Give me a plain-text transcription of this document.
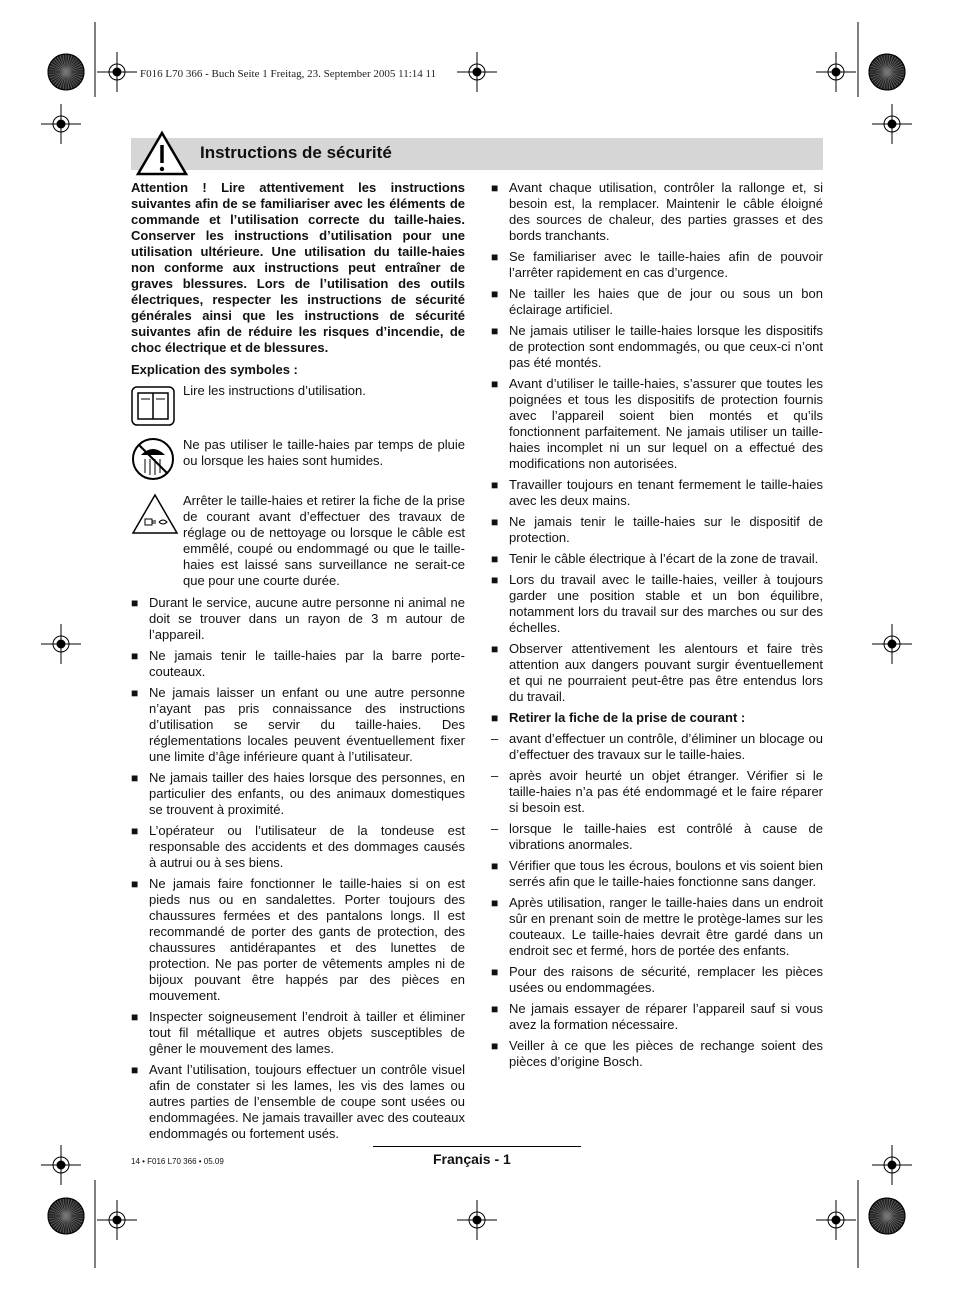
F016 L70 366 - Buch Seite 1 Freitag, 23. September 2005 11:14 11
Instructions de sécurité

Attention ! Lire attentivement les instructions suivantes afin de se familiariser avec les éléments de commande et l’utilisation correcte du taille-haies. Conserver les instructions d’utilisation pour une utilisation ultérieure. Une utilisation du taille-haies non conforme aux instructions peut entraîner de graves blessures. Lors de l’utilisation des outils électriques, respecter les instructions de sécurité générales ainsi que les instructions de sécurité suivantes afin de réduire les risques d’incendie, de choc électrique et de blessures.

Explication des symboles :

Lire les instructions d’utilisation.
Ne pas utiliser le taille-haies par temps de pluie ou lorsque les haies sont humides.
Arrêter le taille-haies et retirer la fiche de la prise de courant avant d’effectuer des travaux de réglage ou de nettoyage ou lorsque le câble est emmêlé, coupé ou endommagé ou que le taille-haies est laissé sans surveillance ne serait-ce que pour une courte durée.
■ Durant le service, aucune autre personne ni animal ne doit se trouver dans un rayon de 3 m autour de l’appareil.
■ Ne jamais tenir le taille-haies par la barre porte-couteaux.
■ Ne jamais laisser un enfant ou une autre personne n’ayant pas pris connaissance des instructions d’utilisation se servir du taille-haies. Des réglementations locales peuvent éventuellement fixer une limite d’âge inférieure quant à l’utilisateur.
■ Ne jamais tailler des haies lorsque des personnes, en particulier des enfants, ou des animaux domestiques se trouvent à proximité.
■ L’opérateur ou l’utilisateur de la tondeuse est responsable des accidents et des dommages causés à autrui ou à ses biens.
■ Ne jamais faire fonctionner le taille-haies si on est pieds nus ou en sandalettes. Porter toujours des chaussures fermées et des pantalons longs. Il est recommandé de porter des gants de protection, des chaussures antidérapantes et des lunettes de protection. Ne pas porter de vêtements amples ni de bijoux pouvant être happés par des pièces en mouvement.
■ Inspecter soigneusement l’endroit à tailler et éliminer tout fil métallique et autres objets susceptibles de gêner le mouvement des lames.
■ Avant l’utilisation, toujours effectuer un contrôle visuel afin de constater si les lames, les vis des lames ou autres parties de l’ensemble de coupe sont usées ou endommagées. Ne jamais travailler avec des couteaux endommagés ou fortement usés.
■ Avant chaque utilisation, contrôler la rallonge et, si besoin est, la remplacer. Maintenir le câble éloigné des sources de chaleur, des parties grasses et des bords tranchants.
■ Se familiariser avec le taille-haies afin de pouvoir l’arrêter rapidement en cas d’urgence.
■ Ne tailler les haies que de jour ou sous un bon éclairage artificiel.
■ Ne jamais utiliser le taille-haies lorsque les dispositifs de protection sont endommagés, ou que ceux-ci n’ont pas été montés.
■ Avant d’utiliser le taille-haies, s’assurer que toutes les poignées et tous les dispositifs de protection fournis avec l’appareil soient bien montés et qu’ils fonctionnent parfaitement. Ne jamais utiliser un taille-haies incomplet ni un sur lequel on a effectué des modifications non autorisées.
■ Travailler toujours en tenant fermement le taille-haies avec les deux mains.
■ Ne jamais tenir le taille-haies sur le dispositif de protection.
■ Tenir le câble électrique à l’écart de la zone de travail.
■ Lors du travail avec le taille-haies, veiller à toujours garder une position stable et un bon équilibre, notamment lors du travail sur des marches ou sur des échelles.
■ Observer attentivement les alentours et faire très attention aux dangers pouvant surgir éventuellement et qui ne pourraient peut-être pas être entendus lors du travail.
■ Retirer la fiche de la prise de courant :
– avant d’effectuer un contrôle, d’éliminer un blocage ou d’effectuer des travaux sur le taille-haies.
– après avoir heurté un objet étranger. Vérifier si le taille-haies n’a pas été endommagé et le faire réparer si besoin est.
– lorsque le taille-haies est contrôlé à cause de vibrations anormales.
■ Vérifier que tous les écrous, boulons et vis soient bien serrés afin que le taille-haies fonctionne sans danger.
■ Après utilisation, ranger le taille-haies dans un endroit sûr en prenant soin de mettre le protège-lames sur les couteaux. Le taille-haies devrait être gardé dans un endroit sec et fermé, hors de portée des enfants.
■ Pour des raisons de sécurité, remplacer les pièces usées ou endommagées.
■ Ne jamais essayer de réparer l’appareil sauf si vous avez la formation nécessaire.
■ Veiller à ce que les pièces de rechange soient des pièces d’origine Bosch.
14 • F016 L70 366 • 05.09	Français - 1
